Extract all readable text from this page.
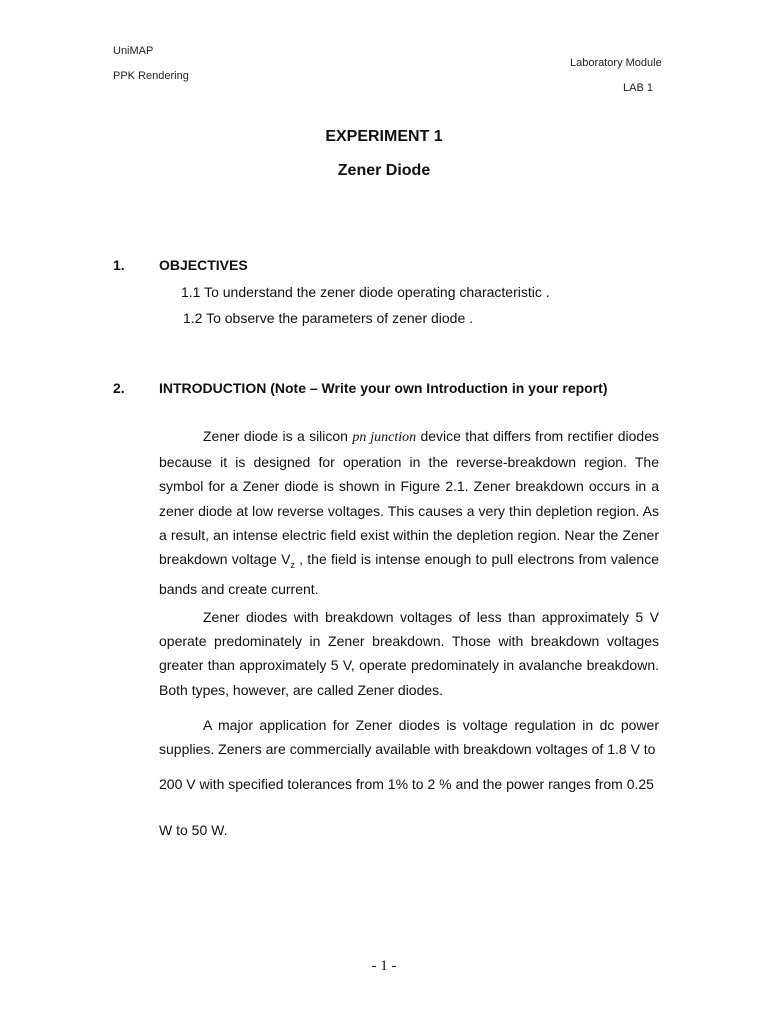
UniMAP
PPK Rendering
Laboratory Module
LAB 1
EXPERIMENT 1
Zener Diode
1. OBJECTIVES
1.1 To understand the zener diode operating characteristic .
1.2 To observe the parameters of zener diode .
2. INTRODUCTION (Note – Write your own Introduction in your report)
Zener diode is a silicon pn junction device that differs from rectifier diodes because it is designed for operation in the reverse-breakdown region. The symbol for a Zener diode is shown in Figure 2.1. Zener breakdown occurs in a zener diode at low reverse voltages. This causes a very thin depletion region. As a result, an intense electric field exist within the depletion region. Near the Zener breakdown voltage $V_z$ , the field is intense enough to pull electrons from valence bands and create current.
Zener diodes with breakdown voltages of less than approximately 5 V operate predominately in Zener breakdown. Those with breakdown voltages greater than approximately 5 V, operate predominately in avalanche breakdown. Both types, however, are called Zener diodes.
A major application for Zener diodes is voltage regulation in dc power supplies. Zeners are commercially available with breakdown voltages of 1.8 V to
200 V with specified tolerances from 1% to 2 % and the power ranges from 0.25
W to 50 W.
- 1 -
